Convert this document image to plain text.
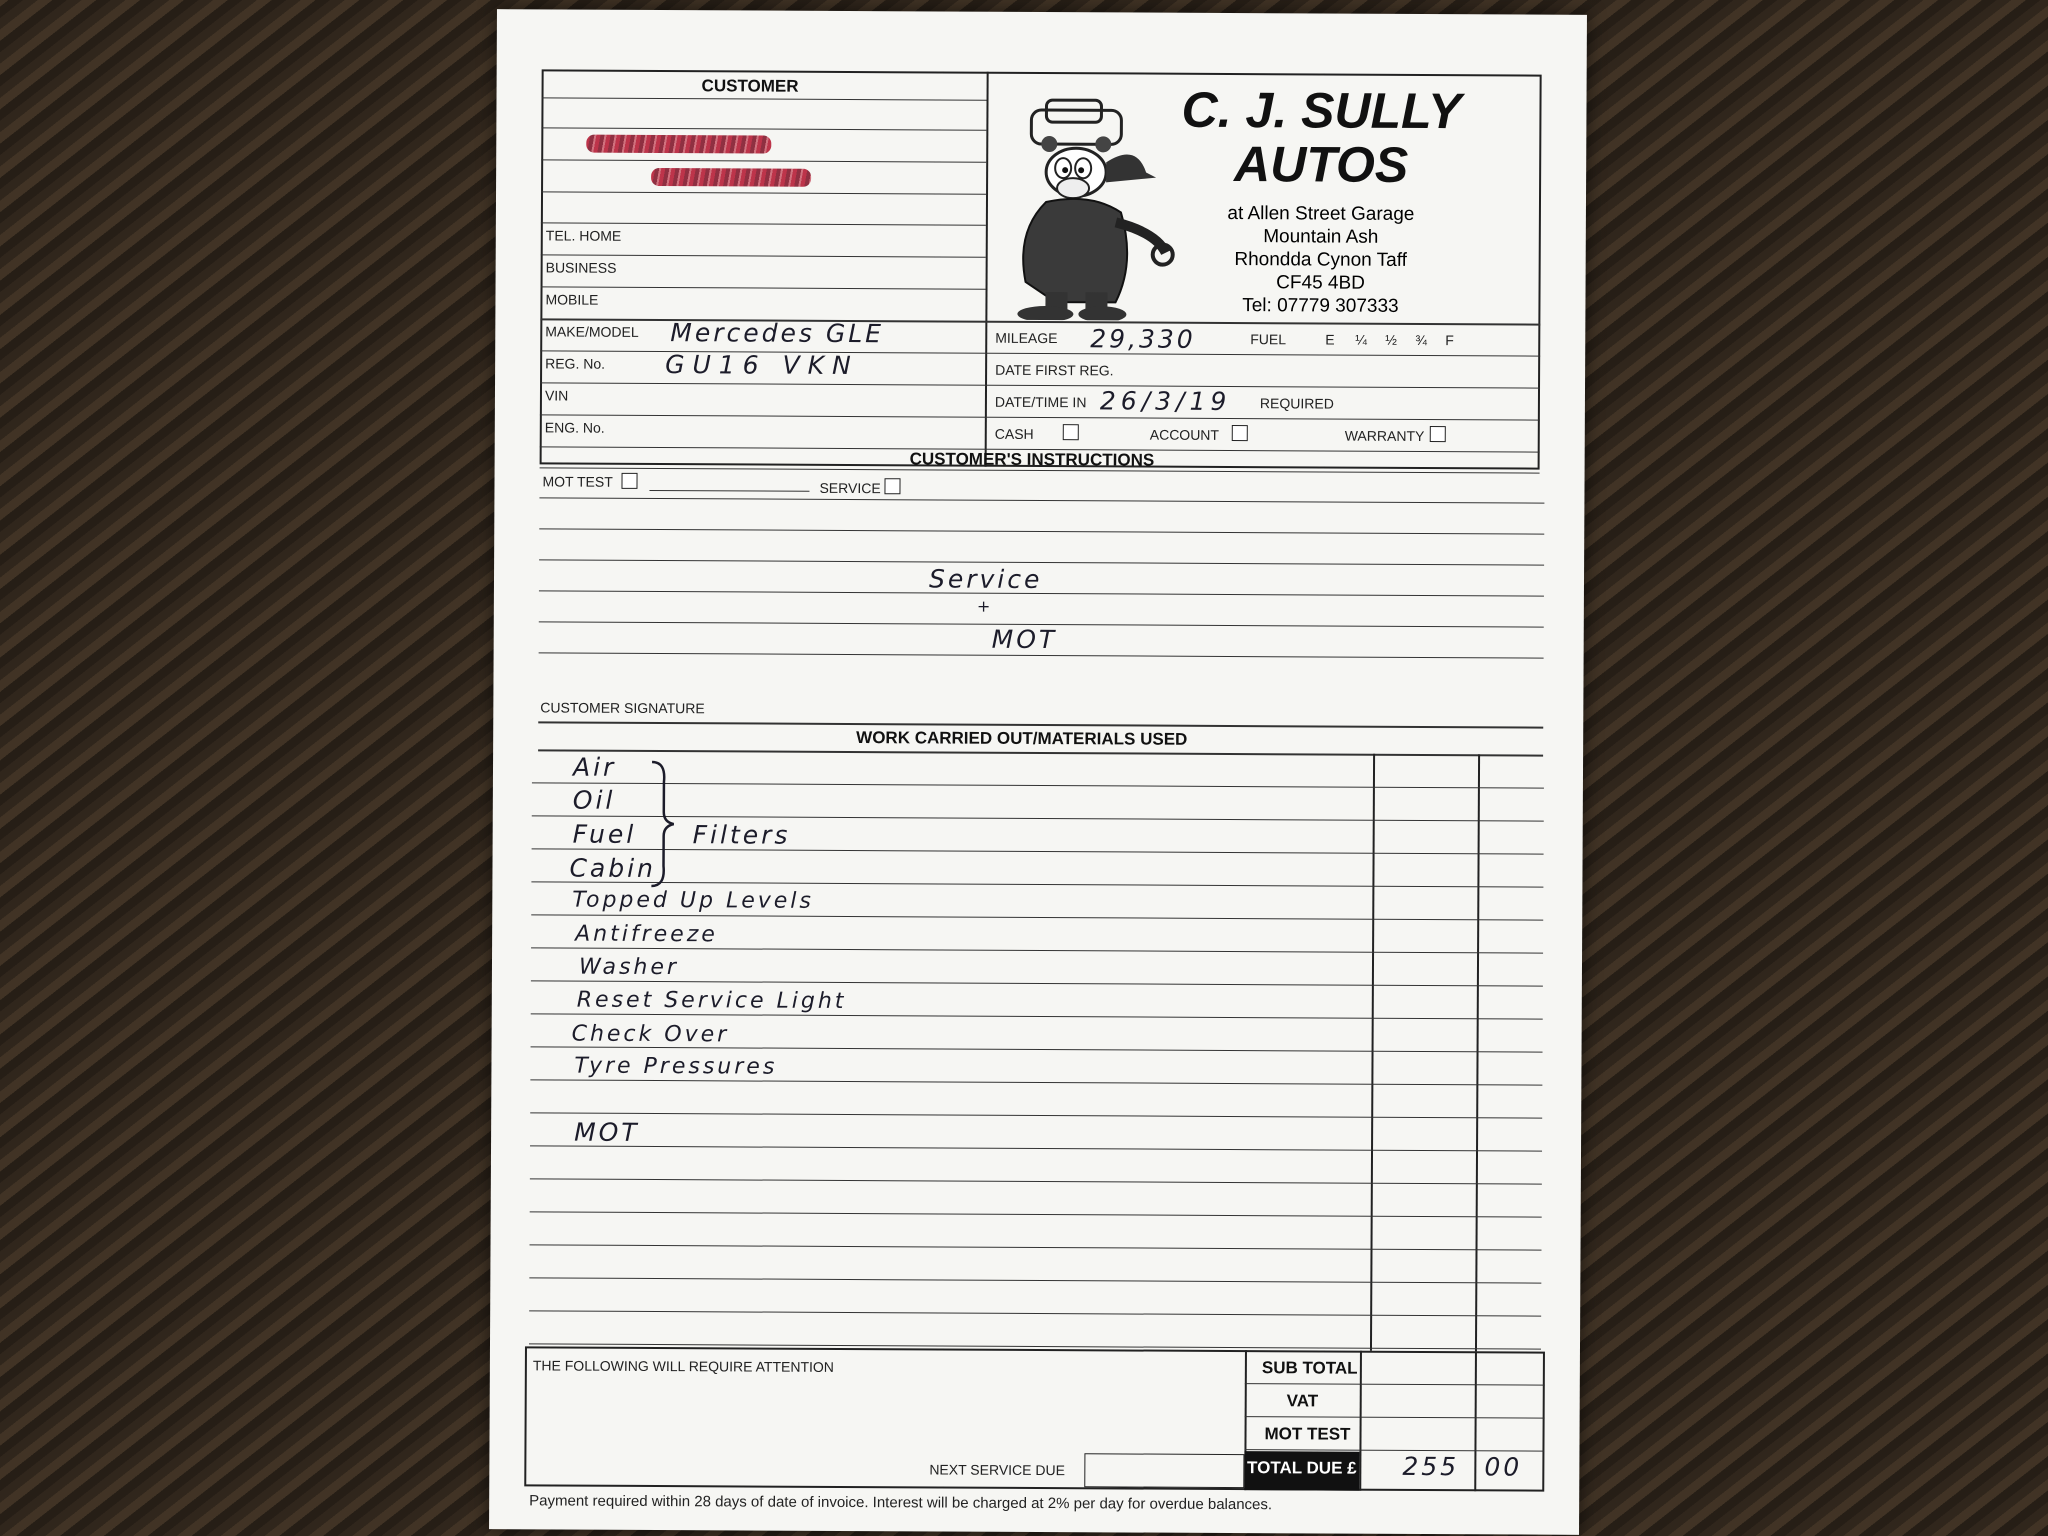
CUSTOMER
TEL. HOME
BUSINESS
MOBILE
MAKE/MODEL Mercedes GLE
REG. No. GU16 VKN
VIN
ENG. No.
C. J. SULLY
AUTOS
at Allen Street Garage
Mountain Ash
Rhondda Cynon Taff
CF45 4BD
Tel: 07779 307333
MILEAGE 29,330	FUEL	E ¼ ½ ¾ F
DATE FIRST REG.
DATE/TIME IN 26/3/19 REQUIRED
CASH	ACCOUNT	WARRANTY
CUSTOMER'S INSTRUCTIONS
MOT TEST	SERVICE
Service
+
MOT
CUSTOMER SIGNATURE
WORK CARRIED OUT/MATERIALS USED
Air
Oil
Fuel
Cabin
Filters
Topped Up Levels
Antifreeze
Washer
Reset Service Light
Check Over
Tyre Pressures
MOT
THE FOLLOWING WILL REQUIRE ATTENTION	SUB TOTAL
VAT
MOT TEST
TOTAL DUE £ 255 00
NEXT SERVICE DUE
Payment required within 28 days of date of invoice. Interest will be charged at 2% per day for overdue balances.
